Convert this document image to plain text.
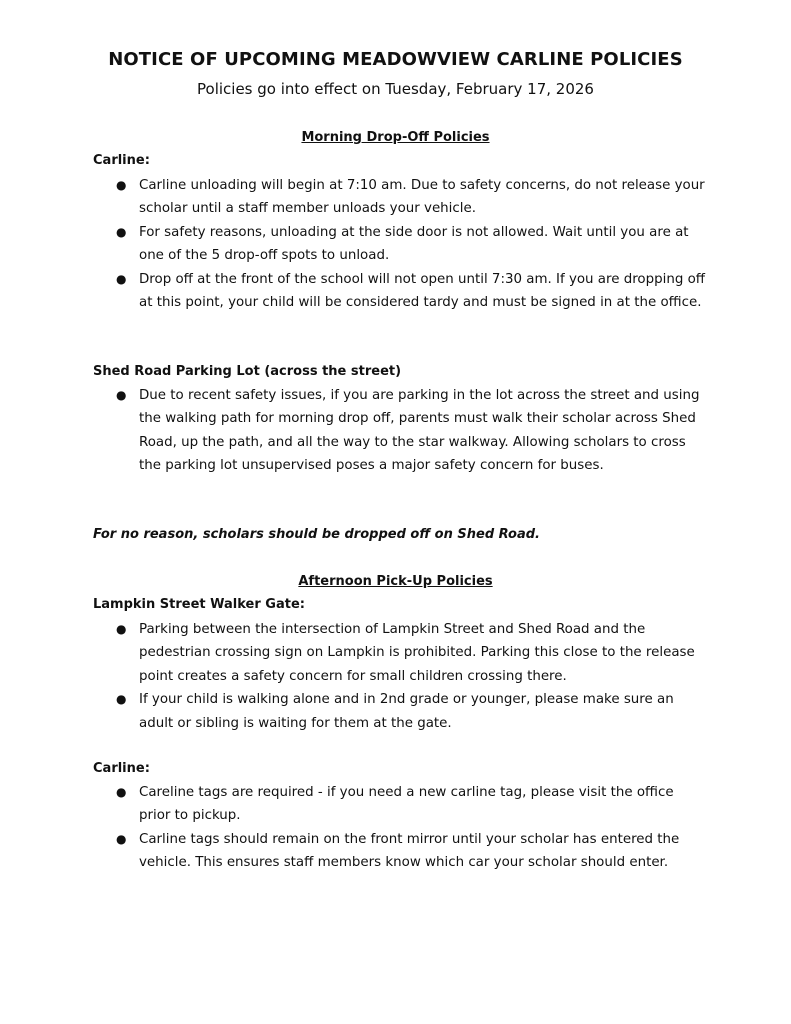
NOTICE OF UPCOMING MEADOWVIEW CARLINE POLICIES
Policies go into effect on Tuesday, February 17, 2026
Morning Drop-Off Policies
Carline:
● Carline unloading will begin at 7:10 am. Due to safety concerns, do not release your scholar until a staff member unloads your vehicle.
● For safety reasons, unloading at the side door is not allowed. Wait until you are at one of the 5 drop-off spots to unload.
● Drop off at the front of the school will not open until 7:30 am. If you are dropping off at this point, your child will be considered tardy and must be signed in at the office.
Shed Road Parking Lot (across the street)
● Due to recent safety issues, if you are parking in the lot across the street and using the walking path for morning drop off, parents must walk their scholar across Shed Road, up the path, and all the way to the star walkway. Allowing scholars to cross the parking lot unsupervised poses a major safety concern for buses.
For no reason, scholars should be dropped off on Shed Road.
Afternoon Pick-Up Policies
Lampkin Street Walker Gate:
● Parking between the intersection of Lampkin Street and Shed Road and the pedestrian crossing sign on Lampkin is prohibited. Parking this close to the release point creates a safety concern for small children crossing there.
● If your child is walking alone and in 2nd grade or younger, please make sure an adult or sibling is waiting for them at the gate.
Carline:
● Careline tags are required - if you need a new carline tag, please visit the office prior to pickup.
● Carline tags should remain on the front mirror until your scholar has entered the vehicle. This ensures staff members know which car your scholar should enter.
